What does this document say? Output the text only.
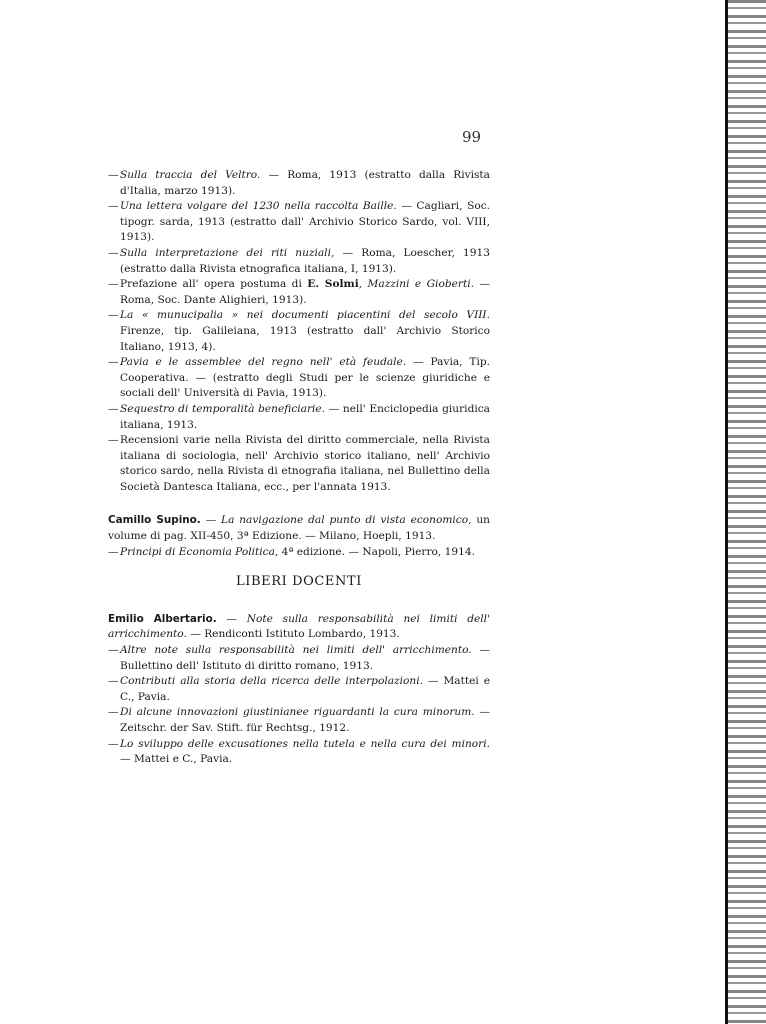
99
— Sulla traccia del Veltro. — Roma, 1913 (estratto dalla Rivista d'Italia, marzo 1913).
— Una lettera volgare del 1230 nella raccolta Baille. — Cagliari, Soc. tipogr. sarda, 1913 (estratto dall' Archivio Storico Sardo, vol. VIII, 1913).
— Sulla interpretazione dei riti nuziali, — Roma, Loescher, 1913 (estratto dalla Rivista etnografica italiana, I, 1913).
— Prefazione all' opera postuma di E. Solmi, Mazzini e Gioberti. — Roma, Soc. Dante Alighieri, 1913).
— La « munucipalia » nei documenti piacentini del secolo VIII. Firenze, tip. Galileiana, 1913 (estratto dall' Archivio Storico Italiano, 1913, 4).
— Pavia e le assemblee del regno nell' età feudale. — Pavia, Tip. Cooperativa. — (estratto degli Studi per le scienze giuridiche e sociali dell' Università di Pavia, 1913).
— Sequestro di temporalità beneficiarie. — nell' Enciclopedia giuridica italiana, 1913.
— Recensioni varie nella Rivista del diritto commerciale, nella Rivista italiana di sociologia, nell' Archivio storico italiano, nell' Archivio storico sardo, nella Rivista di etnografia italiana, nel Bullettino della Società Dantesca Italiana, ecc., per l'annata 1913.
Camillo Supino. — La navigazione dal punto di vista economico, un volume di pag. XII-450, 3ª Edizione. — Milano, Hoepli, 1913.
— Principi di Economia Politica, 4ª edizione. — Napoli, Pierro, 1914.
LIBERI DOCENTI
Emilio Albertario. — Note sulla responsabilità nei limiti dell' arricchimento. — Rendiconti Istituto Lombardo, 1913.
— Altre note sulla responsabilità nei limiti dell' arricchimento. — Bullettino dell' Istituto di diritto romano, 1913.
— Contributi alla storia della ricerca delle interpolazioni. — Mattei e C., Pavia.
— Di alcune innovazioni giustinianee riguardanti la cura minorum. — Zeitschr. der Sav. Stift. für Rechtsg., 1912.
— Lo sviluppo delle excusationes nella tutela e nella cura dei minori. — Mattei e C., Pavia.
